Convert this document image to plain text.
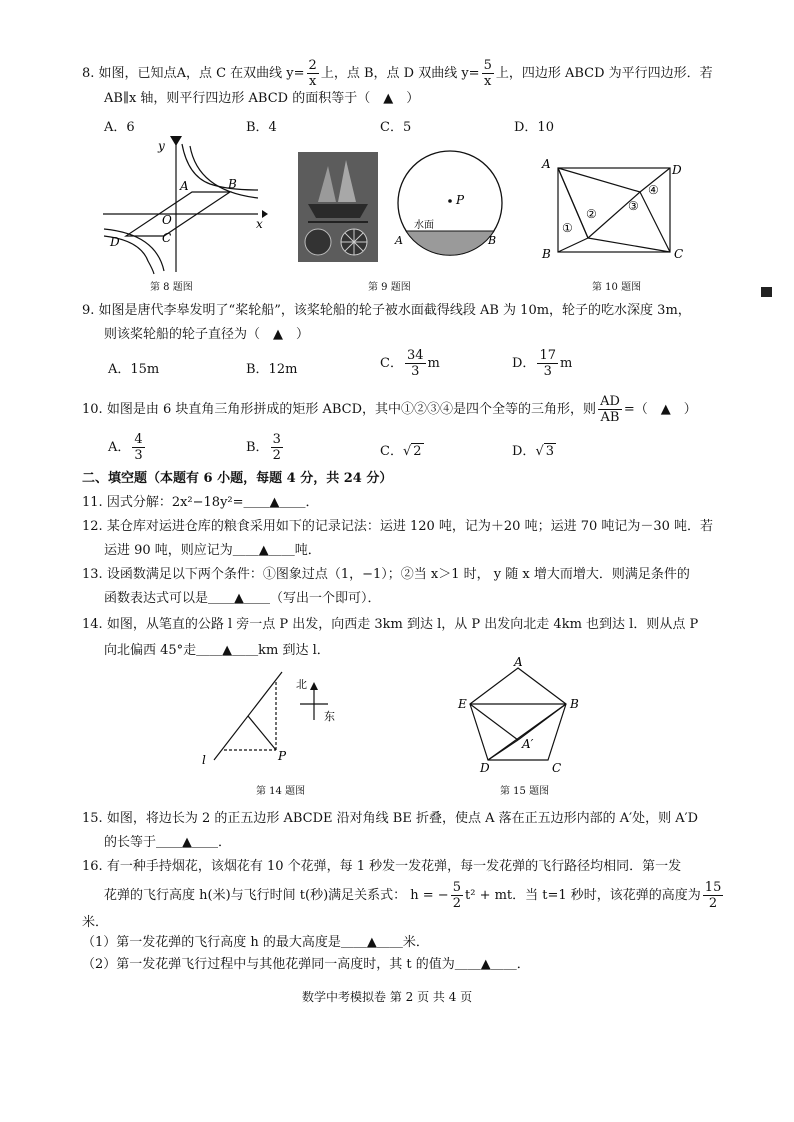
8. 如图，已知点A，点 C 在双曲线 $y= \frac{2}{x}$ 上，点 B，点 D 双曲线 $y= \frac{5}{x}$ 上，四边形 ABCD 为平行四边形．若
AB∥x 轴，则平行四边形 ABCD 的面积等于（　▲　）
A．6	B．4	C．5	D．10
y
x
O
A	B
C
D
第 8 题图
P
A	B
水面
第 9 题图
A	D
B	C
①
②
③
④
第 10 题图
9. 如图是唐代李皋发明了“桨轮船”，该桨轮船的轮子被水面截得线段 AB 为 10m，轮子的吃水深度 3m，
则该桨轮船的轮子直径为（　▲　）
A．15m	B．12m	C． $\frac{34}{3}$ m	D． $\frac{17}{3}$ m
10. 如图是由 6 块直角三角形拼成的矩形 ABCD，其中①②③④是四个全等的三角形，则 $\frac{AD}{AB}$ =（　▲　）
A． $\frac{4}{3}$	B． $\frac{3}{2}$	C．√ 2	D．√ 3
二、填空题（本题有 6 小题，每题 4 分，共 24 分）
11. 因式分解：2x²−18y²=＿＿▲＿＿．
12. 某仓库对运进仓库的粮食采用如下的记录记法：运进 120 吨，记为＋20 吨；运进 70 吨记为－30 吨．若
运进 90 吨，则应记为＿＿▲＿＿吨．
13. 设函数满足以下两个条件：①图象过点（1，−1）；②当 x＞1 时， y 随 x 增大而增大．则满足条件的
函数表达式可以是＿＿▲＿＿（写出一个即可）．
14. 如图，从笔直的公路 l 旁一点 P 出发，向西走 3km 到达 l，从 P 出发向北走 4km 也到达 l．则从点 P
向北偏西 45°走＿＿▲＿＿km 到达 l．
北
东
l	P
第 14 题图
A
B
C
D
E
A′
第 15 题图
15. 如图，将边长为 2 的正五边形 ABCDE 沿对角线 BE 折叠，使点 A 落在正五边形内部的 A′处，则 A′D
的长等于＿＿▲＿＿．
16. 有一种手持烟花，该烟花有 10 个花弹，每 1 秒发一发花弹，每一发花弹的飞行路径均相同．第一发
花弹的飞行高度 h(米)与飞行时间 t(秒)满足关系式： h = − $\frac{5}{2} t^2$ + mt．当 t=1 秒时，该花弹的高度为 $\frac{15}{2}$
米．
（1）第一发花弹的飞行高度 h 的最大高度是＿＿▲＿＿米．
（2）第一发花弹飞行过程中与其他花弹同一高度时，其 t 的值为＿＿▲＿＿．
数学中考模拟卷 第 2 页 共 4 页
